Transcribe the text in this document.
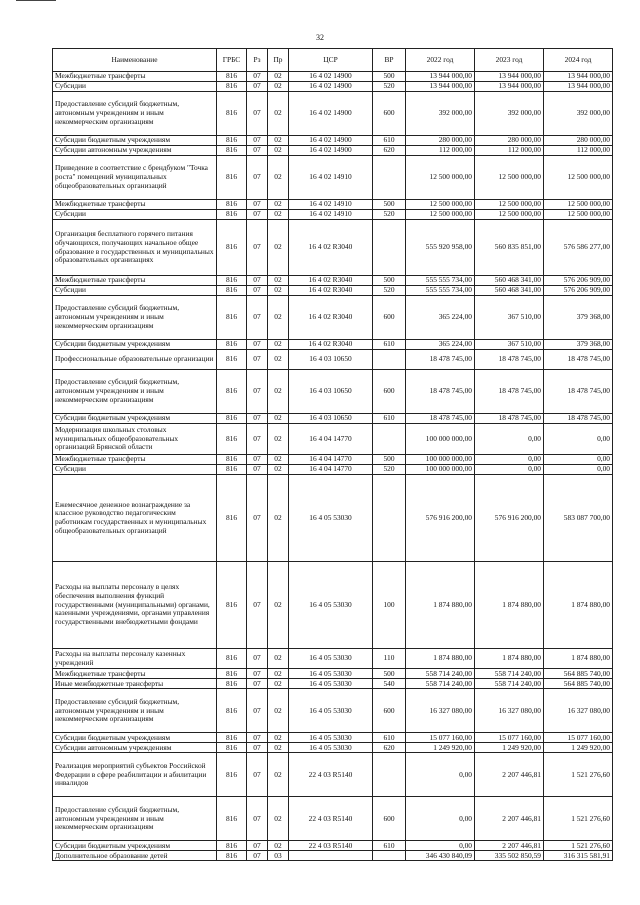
32
Наименование	ГРБС	Рз	Пр	ЦСР	ВР	2022 год	2023 год	2024 год
Межбюджетные трансферты	816	07	02	16 4 02 14900	500	13 944 000,00	13 944 000,00	13 944 000,00
Субсидии	816	07	02	16 4 02 14900	520	13 944 000,00	13 944 000,00	13 944 000,00
Предоставление субсидий бюджетным, автономным учреждениям и иным некоммерческим организациям	816	07	02	16 4 02 14900	600	392 000,00	392 000,00	392 000,00
Субсидии бюджетным учреждениям	816	07	02	16 4 02 14900	610	280 000,00	280 000,00	280 000,00
Субсидии автономным учреждениям	816	07	02	16 4 02 14900	620	112 000,00	112 000,00	112 000,00
Приведение в соответствие с брендбуком "Точка роста" помещений муниципальных общеобразовательных организаций	816	07	02	16 4 02 14910		12 500 000,00	12 500 000,00	12 500 000,00
Межбюджетные трансферты	816	07	02	16 4 02 14910	500	12 500 000,00	12 500 000,00	12 500 000,00
Субсидии	816	07	02	16 4 02 14910	520	12 500 000,00	12 500 000,00	12 500 000,00
Организация бесплатного горячего питания обучающихся, получающих начальное общее образование в государственных и муниципальных образовательных организациях	816	07	02	16 4 02 R3040		555 920 958,00	560 835 851,00	576 586 277,00
Межбюджетные трансферты	816	07	02	16 4 02 R3040	500	555 555 734,00	560 468 341,00	576 206 909,00
Субсидии	816	07	02	16 4 02 R3040	520	555 555 734,00	560 468 341,00	576 206 909,00
Предоставление субсидий бюджетным, автономным учреждениям и иным некоммерческим организациям	816	07	02	16 4 02 R3040	600	365 224,00	367 510,00	379 368,00
Субсидии бюджетным учреждениям	816	07	02	16 4 02 R3040	610	365 224,00	367 510,00	379 368,00
Профессиональные образовательные организации	816	07	02	16 4 03 10650		18 478 745,00	18 478 745,00	18 478 745,00
Предоставление субсидий бюджетным, автономным учреждениям и иным некоммерческим организациям	816	07	02	16 4 03 10650	600	18 478 745,00	18 478 745,00	18 478 745,00
Субсидии бюджетным учреждениям	816	07	02	16 4 03 10650	610	18 478 745,00	18 478 745,00	18 478 745,00
Модернизация школьных столовых муниципальных общеобразовательных организаций Брянской области	816	07	02	16 4 04 14770		100 000 000,00	0,00	0,00
Межбюджетные трансферты	816	07	02	16 4 04 14770	500	100 000 000,00	0,00	0,00
Субсидии	816	07	02	16 4 04 14770	520	100 000 000,00	0,00	0,00
Ежемесячное денежное вознаграждение за классное руководство педагогическим работникам государственных и муниципальных общеобразовательных организаций	816	07	02	16 4 05 53030		576 916 200,00	576 916 200,00	583 087 700,00
Расходы на выплаты персоналу в целях обеспечения выполнения функций государственными (муниципальными) органами, казенными учреждениями, органами управления государственными внебюджетными фондами	816	07	02	16 4 05 53030	100	1 874 880,00	1 874 880,00	1 874 880,00
Расходы на выплаты персоналу казенных учреждений	816	07	02	16 4 05 53030	110	1 874 880,00	1 874 880,00	1 874 880,00
Межбюджетные трансферты	816	07	02	16 4 05 53030	500	558 714 240,00	558 714 240,00	564 885 740,00
Иные межбюджетные трансферты	816	07	02	16 4 05 53030	540	558 714 240,00	558 714 240,00	564 885 740,00
Предоставление субсидий бюджетным, автономным учреждениям и иным некоммерческим организациям	816	07	02	16 4 05 53030	600	16 327 080,00	16 327 080,00	16 327 080,00
Субсидии бюджетным учреждениям	816	07	02	16 4 05 53030	610	15 077 160,00	15 077 160,00	15 077 160,00
Субсидии автономным учреждениям	816	07	02	16 4 05 53030	620	1 249 920,00	1 249 920,00	1 249 920,00
Реализация мероприятий субъектов Российской Федерации в сфере реабилитации и абилитации инвалидов	816	07	02	22 4 03 R5140		0,00	2 207 446,81	1 521 276,60
Предоставление субсидий бюджетным, автономным учреждениям и иным некоммерческим организациям	816	07	02	22 4 03 R5140	600	0,00	2 207 446,81	1 521 276,60
Субсидии бюджетным учреждениям	816	07	02	22 4 03 R5140	610	0,00	2 207 446,81	1 521 276,60
Дополнительное образование детей	816	07	03			346 430 840,09	335 502 850,59	316 315 581,91
